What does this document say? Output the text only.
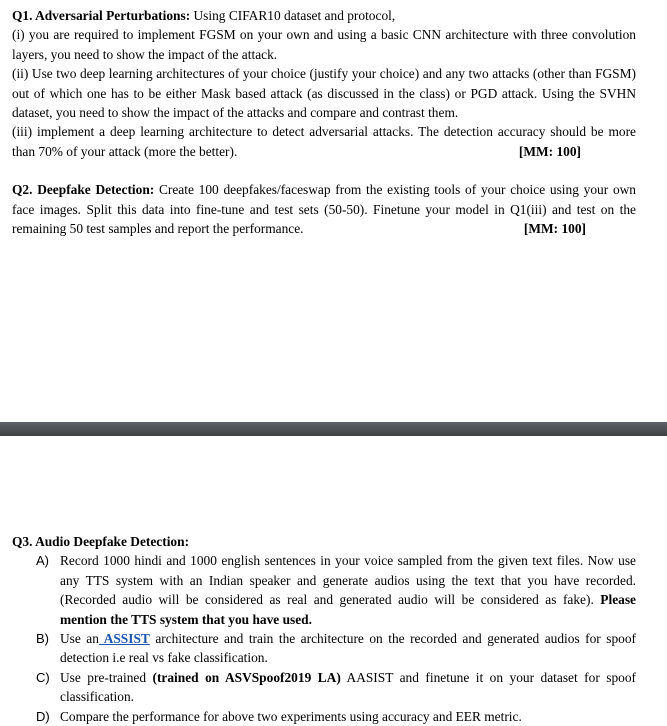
Q1. Adversarial Perturbations: Using CIFAR10 dataset and protocol,

(i) you are required to implement FGSM on your own and using a basic CNN architecture with three convolution layers, you need to show the impact of the attack.

(ii) Use two deep learning architectures of your choice (justify your choice) and any two attacks (other than FGSM) out of which one has to be either Mask based attack (as discussed in the class) or PGD attack. Using the SVHN dataset, you need to show the impact of the attacks and compare and contrast them.

(iii) implement a deep learning architecture to detect adversarial attacks. The detection accuracy should be more than 70% of your attack (more the better).	[MM: 100]

Q2. Deepfake Detection: Create 100 deepfakes/faceswap from the existing tools of your choice using your own face images. Split this data into fine-tune and test sets (50-50). Finetune your model in Q1(iii) and test on the remaining 50 test samples and report the performance.	[MM: 100]

Q3. Audio Deepfake Detection:

A) Record 1000 hindi and 1000 english sentences in your voice sampled from the given text files. Now use any TTS system with an Indian speaker and generate audios using the text that you have recorded. (Recorded audio will be considered as real and generated audio will be considered as fake). Please mention the TTS system that you have used.
B) Use an ASSIST architecture and train the architecture on the recorded and generated audios for spoof detection i.e real vs fake classification.
C) Use pre-trained (trained on ASVSpoof2019 LA) AASIST and finetune it on your dataset for spoof classification.
D) Compare the performance for above two experiments using accuracy and EER metric.
